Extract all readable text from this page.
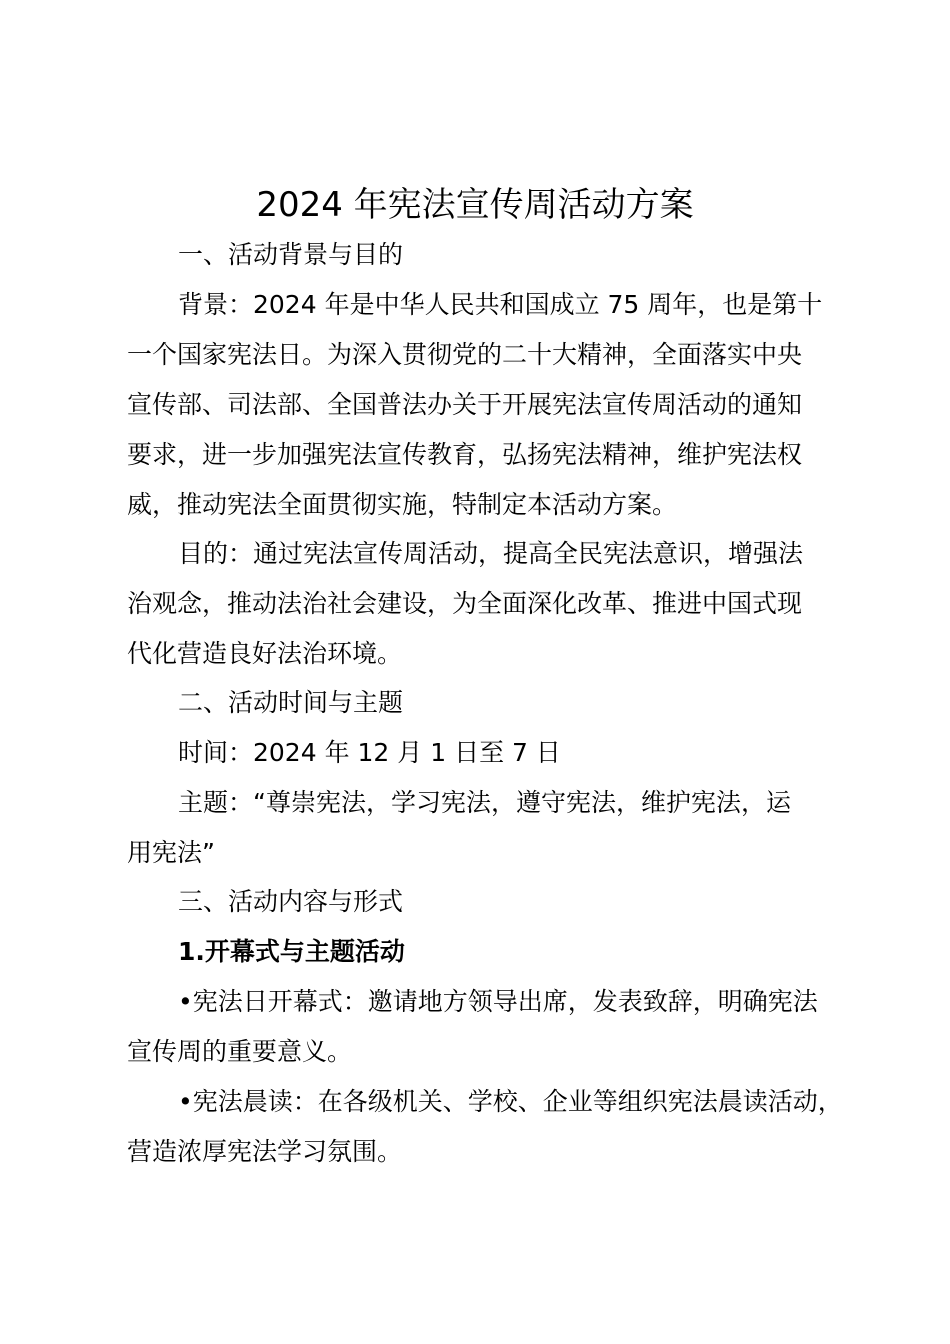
2024 年宪法宣传周活动方案
一、活动背景与目的
背景：2024 年是中华人民共和国成立 75 周年，也是第十
一个国家宪法日。为深入贯彻党的二十大精神，全面落实中央
宣传部、司法部、全国普法办关于开展宪法宣传周活动的通知
要求，进一步加强宪法宣传教育，弘扬宪法精神，维护宪法权
威，推动宪法全面贯彻实施，特制定本活动方案。
目的：通过宪法宣传周活动，提高全民宪法意识，增强法
治观念，推动法治社会建设，为全面深化改革、推进中国式现
代化营造良好法治环境。
二、活动时间与主题
时间：2024 年 12 月 1 日至 7 日
主题：“尊崇宪法，学习宪法，遵守宪法，维护宪法，运
用宪法”
三、活动内容与形式
1.开幕式与主题活动
•宪法日开幕式：邀请地方领导出席，发表致辞，明确宪法
宣传周的重要意义。
•宪法晨读：在各级机关、学校、企业等组织宪法晨读活动，
营造浓厚宪法学习氛围。
